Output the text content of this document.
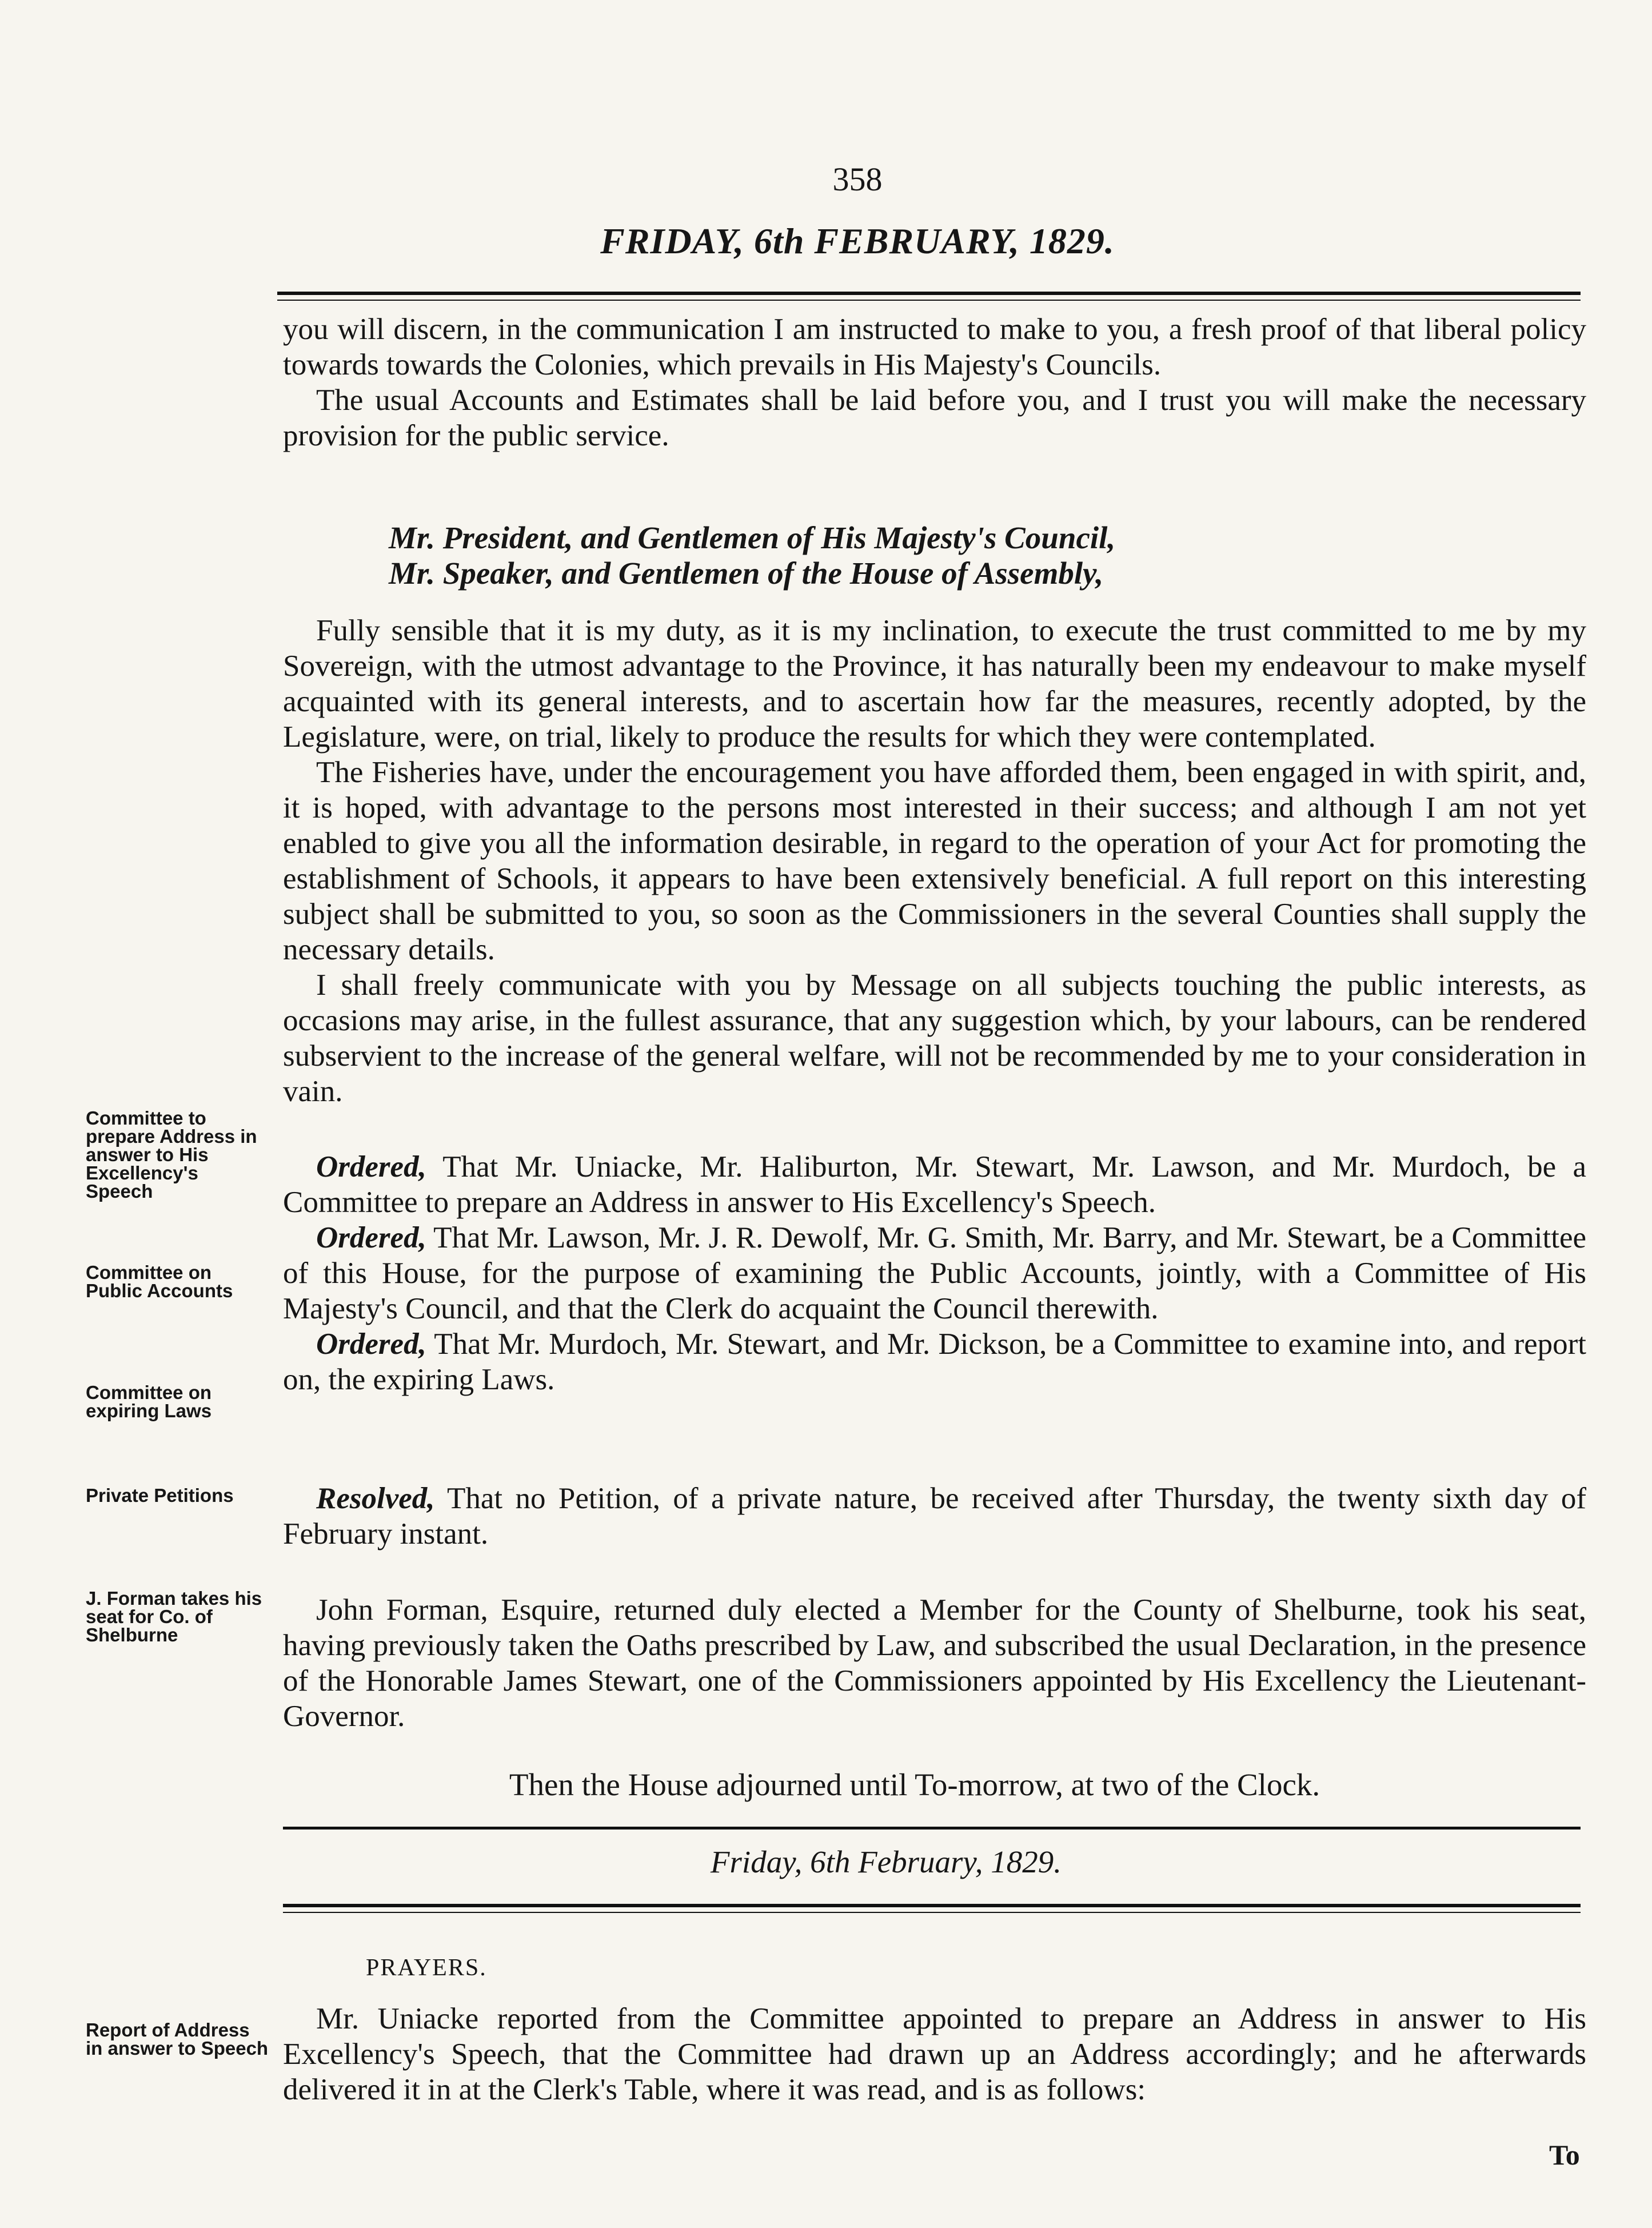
358
FRIDAY, 6th FEBRUARY, 1829.

you will discern, in the communication I am instructed to make to you, a fresh proof of that liberal policy towards towards the Colonies, which prevails in His Majesty's Councils.

The usual Accounts and Estimates shall be laid before you, and I trust you will make the necessary provision for the public service.

Mr. President, and Gentlemen of His Majesty's Council,
Mr. Speaker, and Gentlemen of the House of Assembly,

Fully sensible that it is my duty, as it is my inclination, to execute the trust committed to me by my Sovereign, with the utmost advantage to the Province, it has naturally been my endeavour to make myself acquainted with its general interests, and to ascertain how far the measures, recently adopted, by the Legislature, were, on trial, likely to produce the results for which they were contemplated.

The Fisheries have, under the encouragement you have afforded them, been engaged in with spirit, and, it is hoped, with advantage to the persons most interested in their success; and although I am not yet enabled to give you all the information desirable, in regard to the operation of your Act for promoting the establishment of Schools, it appears to have been extensively beneficial. A full report on this interesting subject shall be submitted to you, so soon as the Commissioners in the several Counties shall supply the necessary details.

I shall freely communicate with you by Message on all subjects touching the public interests, as occasions may arise, in the fullest assurance, that any suggestion which, by your labours, can be rendered subservient to the increase of the general welfare, will not be recommended by me to your consideration in vain.

Ordered, That Mr. Uniacke, Mr. Haliburton, Mr. Stewart, Mr. Lawson, and Mr. Murdoch, be a Committee to prepare an Address in answer to His Excellency's Speech.

Ordered, That Mr. Lawson, Mr. J. R. Dewolf, Mr. G. Smith, Mr. Barry, and Mr. Stewart, be a Committee of this House, for the purpose of examining the Public Accounts, jointly, with a Committee of His Majesty's Council, and that the Clerk do acquaint the Council therewith.

Ordered, That Mr. Murdoch, Mr. Stewart, and Mr. Dickson, be a Committee to examine into, and report on, the expiring Laws.

Resolved, That no Petition, of a private nature, be received after Thursday, the twenty sixth day of February instant.

John Forman, Esquire, returned duly elected a Member for the County of Shelburne, took his seat, having previously taken the Oaths prescribed by Law, and subscribed the usual Declaration, in the presence of the Honorable James Stewart, one of the Commissioners appointed by His Excellency the Lieutenant-Governor.

Then the House adjourned until To-morrow, at two of the Clock.
Friday, 6th February, 1829.
PRAYERS.

Mr. Uniacke reported from the Committee appointed to prepare an Address in answer to His Excellency's Speech, that the Committee had drawn up an Address accordingly; and he afterwards delivered it in at the Clerk's Table, where it was read, and is as follows:

To
Committee to prepare Address in answer to His Excellency's Speech
Committee on Public Accounts
Committee on expiring Laws
Private Petitions
J. Forman takes his seat for Co. of Shelburne
Report of Address in answer to Speech
